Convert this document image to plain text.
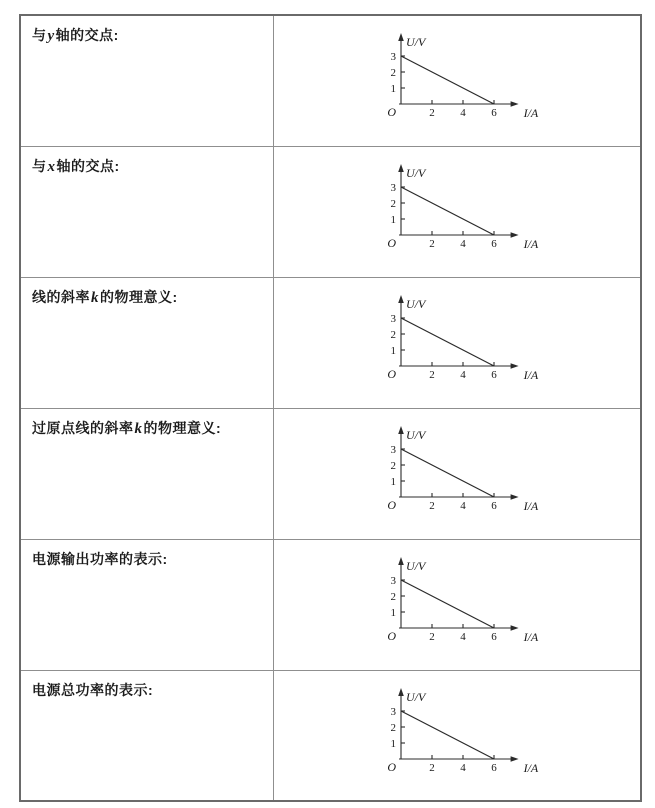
与y轴的交点:	
2 4 6
1
2
3
U/V
I/A
O

与x轴的交点:	
2 4 6
1
2
3
U/V
I/A
O

线的斜率k的物理意义:	
2 4 6
1
2
3
U/V
I/A
O

过原点线的斜率k的物理意义:	
2 4 6
1
2
3
U/V
I/A
O

电源输出功率的表示:	
2 4 6
1
2
3
U/V
I/A
O

电源总功率的表示:	
2 4 6
1
2
3
U/V
I/A
O
